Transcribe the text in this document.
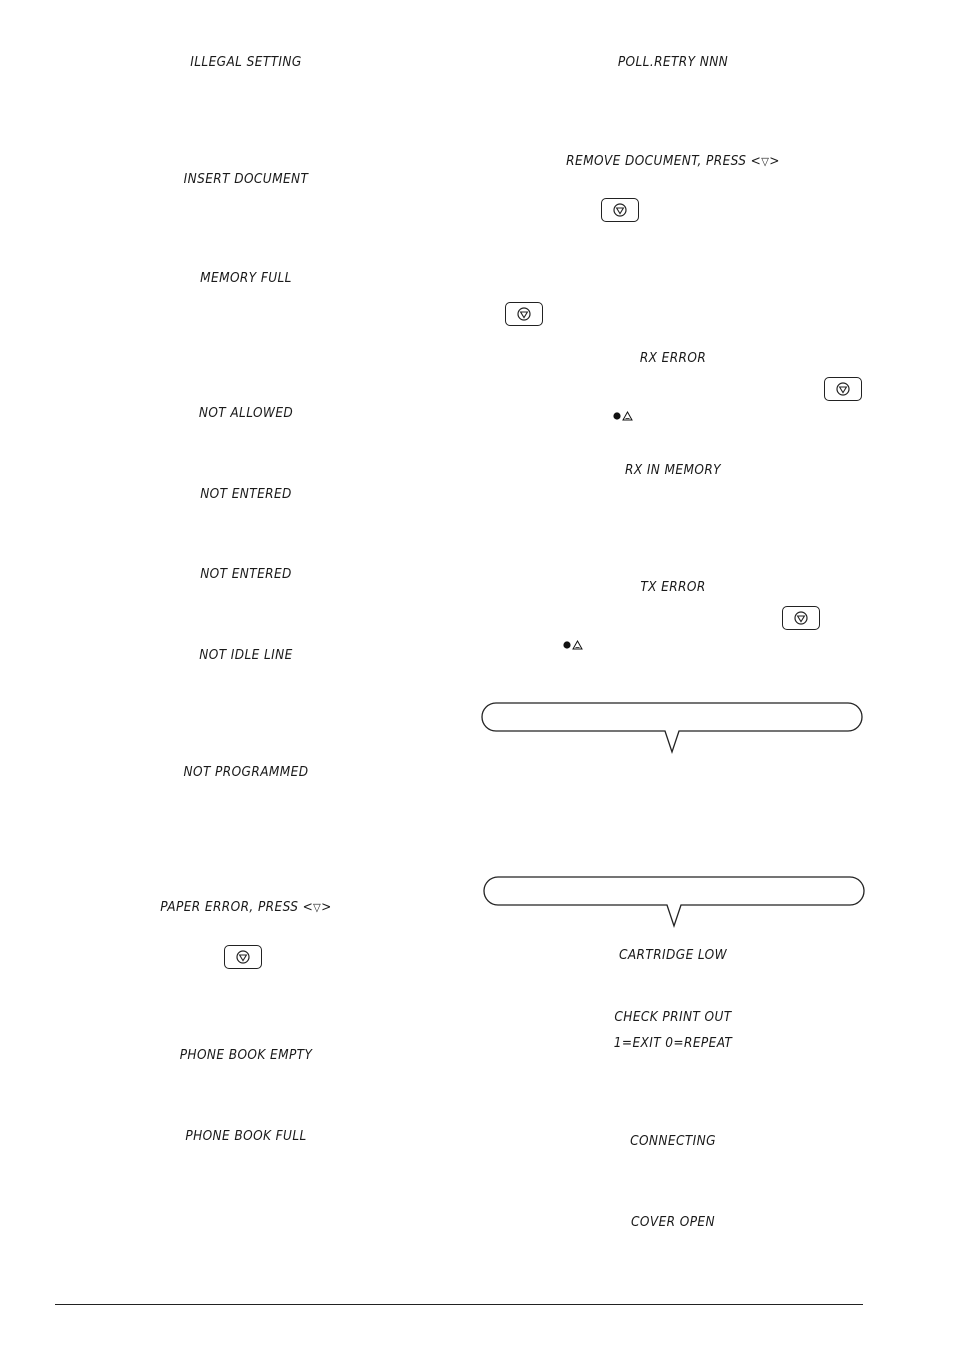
ILLEGAL SETTING
INSERT DOCUMENT
MEMORY FULL
NOT ALLOWED
NOT ENTERED
NOT ENTERED
NOT IDLE LINE
NOT PROGRAMMED
PAPER ERROR, PRESS <▽>
PHONE BOOK EMPTY
PHONE BOOK FULL
POLL.RETRY NNN
REMOVE DOCUMENT, PRESS <▽>
RX ERROR
RX IN MEMORY
TX ERROR
CARTRIDGE LOW
CHECK PRINT OUT
1=EXIT 0=REPEAT
CONNECTING
COVER OPEN
